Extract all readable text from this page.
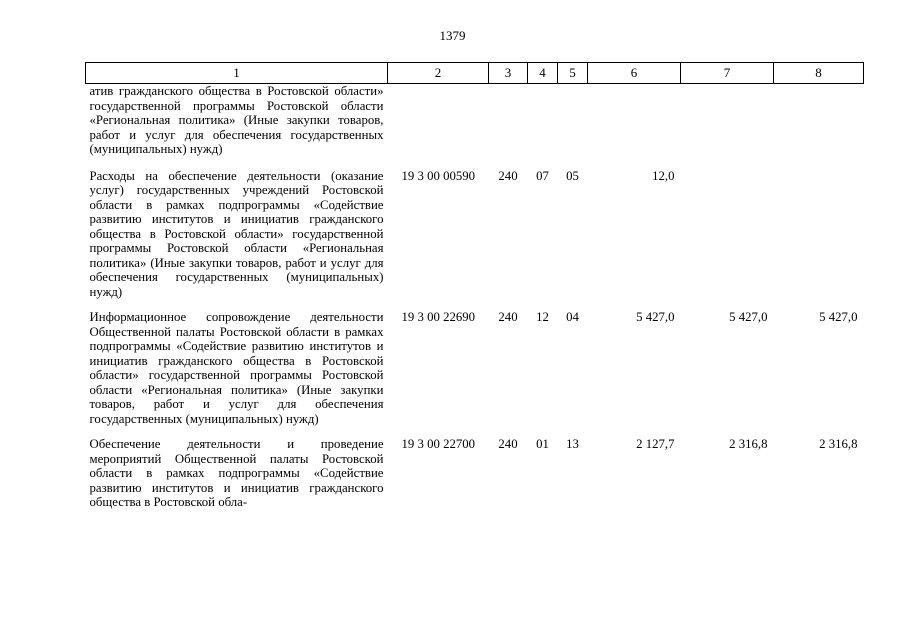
1379
1	2	3	4	5	6	7	8
атив гражданского общества в Ростовской области» государственной программы Ростовской области «Региональная политика» (Иные закупки товаров, работ и услуг для обеспечения государственных (муниципальных) нужд)							
Расходы на обеспечение деятельности (оказание услуг) государственных учреждений Ростовской области в рамках подпрограммы «Содействие развитию институтов и инициатив гражданского общества в Ростовской области» государственной программы Ростовской области «Региональная политика» (Иные закупки товаров, работ и услуг для обеспечения государственных (муниципальных) нужд)	19 3 00 00590	240	07	05	12,0		
Информационное сопровождение деятельности Общественной палаты Ростовской области в рамках подпрограммы «Содействие развитию институтов и инициатив гражданского общества в Ростовской области» государственной программы Ростовской области «Региональная политика» (Иные закупки товаров, работ и услуг для обеспечения государственных (муниципальных) нужд)	19 3 00 22690	240	12	04	5 427,0	5 427,0	5 427,0
Обеспечение деятельности и проведение мероприятий Общественной палаты Ростовской области в рамках подпрограммы «Содействие развитию институтов и инициатив гражданского общества в Ростовской обла-	19 3 00 22700	240	01	13	2 127,7	2 316,8	2 316,8
